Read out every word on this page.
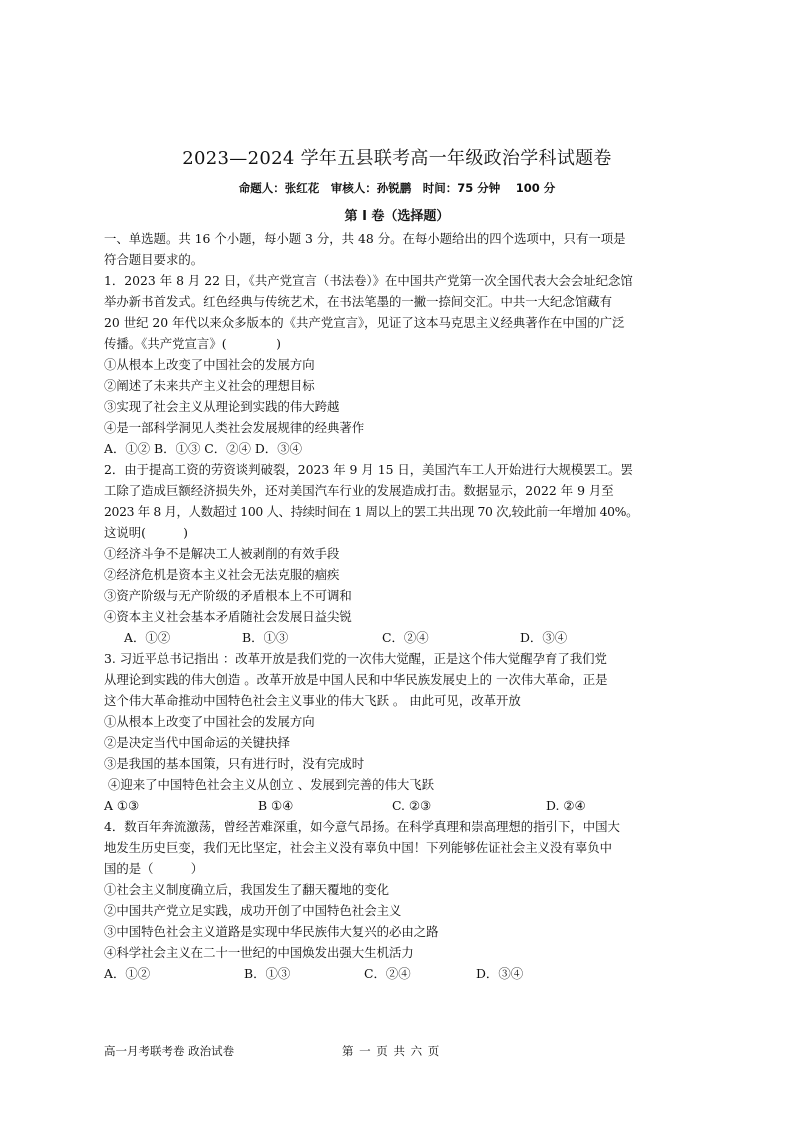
2023—2024 学年五县联考高一年级政治学科试题卷
命题人：张红花　审核人：孙锐鹏　时间：75 分钟　 100 分
第 I 卷（选择题）
一、单选题。共 16 个小题，每小题 3 分，共 48 分。在每小题给出的四个选项中，只有一项是
符合题目要求的。
1．2023 年 8 月 22 日，《共产党宣言（书法卷）》在中国共产党第一次全国代表大会会址纪念馆
举办新书首发式。红色经典与传统艺术，在书法笔墨的一撇一捺间交汇。中共一大纪念馆藏有
20 世纪 20 年代以来众多版本的《共产党宣言》，见证了这本马克思主义经典著作在中国的广泛
传播。《共产党宣言》(　　　　)
①从根本上改变了中国社会的发展方向
②阐述了未来共产主义社会的理想目标
③实现了社会主义从理论到实践的伟大跨越
④是一部科学洞见人类社会发展规律的经典著作
A．①② B．①③ C．②④ D．③④
2．由于提高工资的劳资谈判破裂，2023 年 9 月 15 日，美国汽车工人开始进行大规模罢工。罢
工除了造成巨额经济损失外，还对美国汽车行业的发展造成打击。数据显示，2022 年 9 月至
2023 年 8 月，人数超过 100 人、持续时间在 1 周以上的罢工共出现 70 次,较此前一年增加 40%。
这说明(　　　)
①经济斗争不是解决工人被剥削的有效手段
②经济危机是资本主义社会无法克服的痼疾
③资产阶级与无产阶级的矛盾根本上不可调和
④资本主义社会基本矛盾随社会发展日益尖锐
A．①②	B．①③	C．②④	D．③④
3. 习近平总书记指出 ：改革开放是我们党的一次伟大觉醒，正是这个伟大觉醒孕育了我们党
从理论到实践的伟大创造 。改革开放是中国人民和中华民族发展史上的 一次伟大革命，正是
这个伟大革命推动中国特色社会主义事业的伟大飞跃 。 由此可见，改革开放
①从根本上改变了中国社会的发展方向
②是决定当代中国命运的关键抉择
③是我国的基本国策，只有进行时，没有完成时
④迎来了中国特色社会主义从创立 、发展到完善的伟大飞跃
A ①③	B ①④	C. ②③	D. ②④
4．数百年奔流激荡，曾经苦难深重，如今意气昂扬。在科学真理和崇高理想的指引下，中国大
地发生历史巨变，我们无比坚定，社会主义没有辜负中国！下列能够佐证社会主义没有辜负中
国的是（　　　）
①社会主义制度确立后，我国发生了翻天覆地的变化
②中国共产党立足实践，成功开创了中国特色社会主义
③中国特色社会主义道路是实现中华民族伟大复兴的必由之路
④科学社会主义在二十一世纪的中国焕发出强大生机活力
A．①②	B．①③	C．②④	D．③④
高一月考联考卷 政治试卷	第 一 页 共 六 页
